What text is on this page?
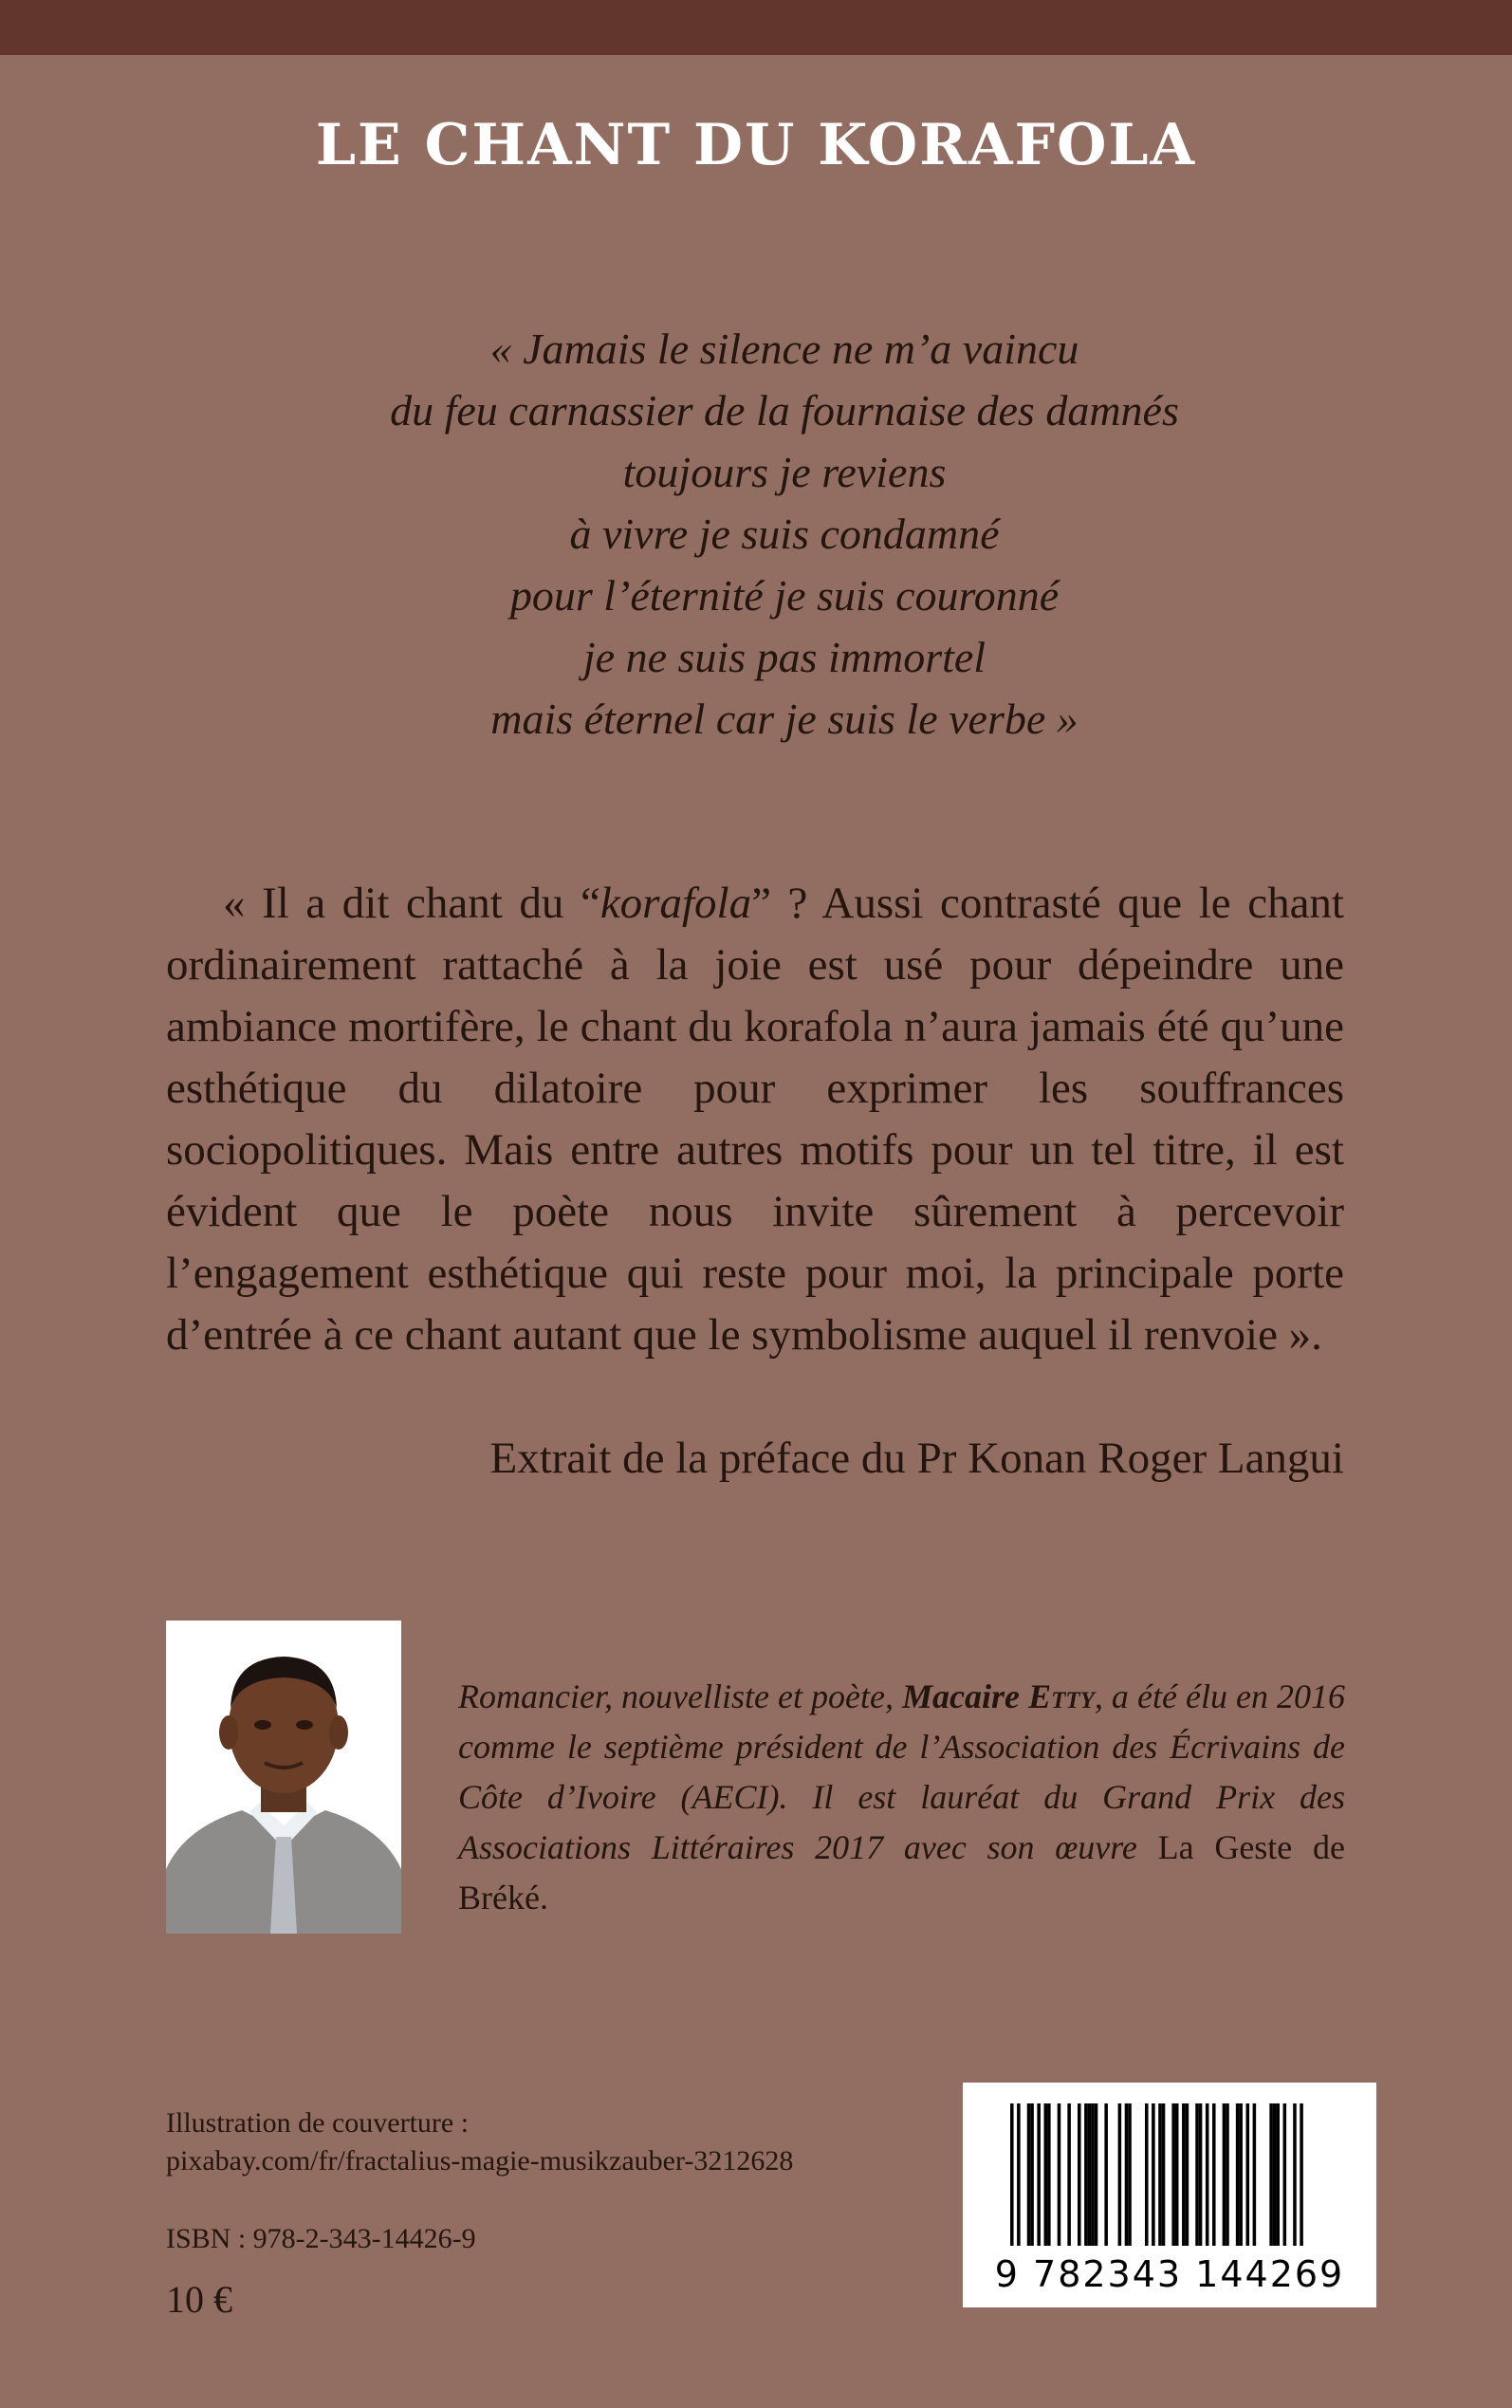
LE CHANT DU KORAFOLA
« Jamais le silence ne m’a vaincu
du feu carnassier de la fournaise des damnés
toujours je reviens
à vivre je suis condamné
pour l’éternité je suis couronné
je ne suis pas immortel
mais éternel car je suis le verbe »
« Il a dit chant du “korafola” ? Aussi contrasté que le chant ordinairement rattaché à la joie est usé pour dépeindre une ambiance mortifère, le chant du korafola n’aura jamais été qu’une esthétique du dilatoire pour exprimer les souffrances sociopolitiques. Mais entre autres motifs pour un tel titre, il est évident que le poète nous invite sûrement à percevoir l’engagement esthétique qui reste pour moi, la principale porte d’entrée à ce chant autant que le symbolisme auquel il renvoie ».
Extrait de la préface du Pr Konan Roger Langui
Romancier, nouvelliste et poète, Macaire Etty, a été élu en 2016 comme le septième président de l’Association des Écrivains de Côte d’Ivoire (AECI). Il est lauréat du Grand Prix des Associations Littéraires 2017 avec son œuvre La Geste de Bréké.
Illustration de couverture :
pixabay.com/fr/fractalius-magie-musikzauber-3212628
ISBN : 978-2-343-14426-9
10 €
9 782343 144269
